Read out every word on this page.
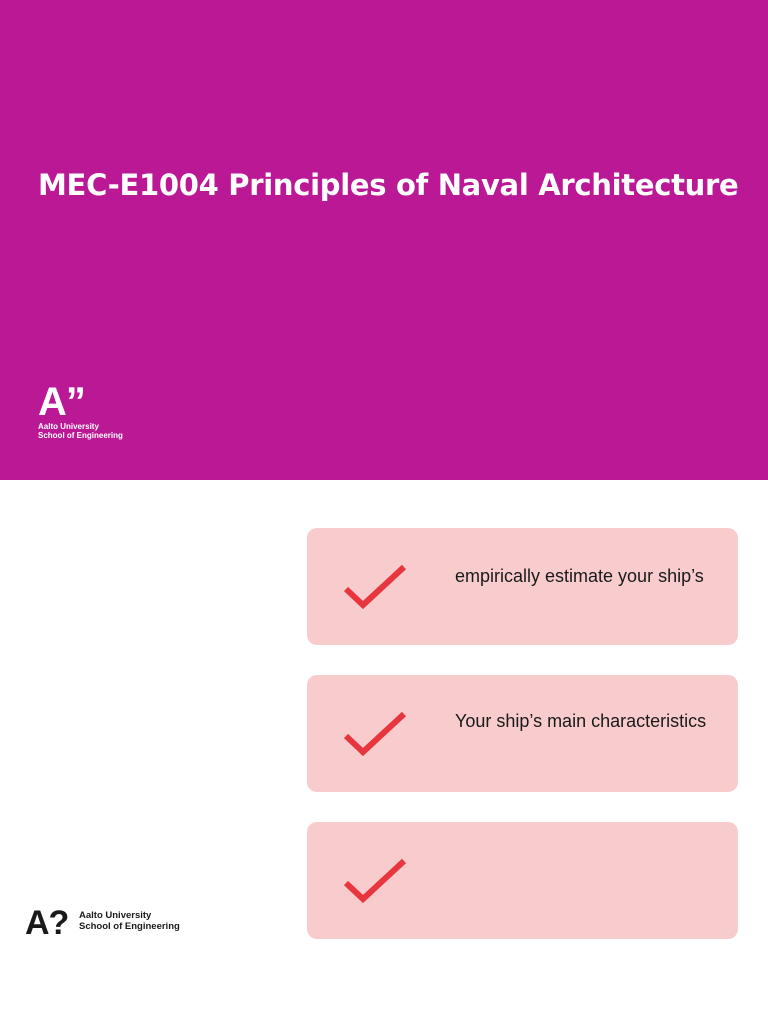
MEC-E1004 Principles of Naval Architecture
A”
Aalto University
School of Engineering

empirically estimate your ship’s

Your ship’s main characteristics

A? Aalto University
School of Engineering
